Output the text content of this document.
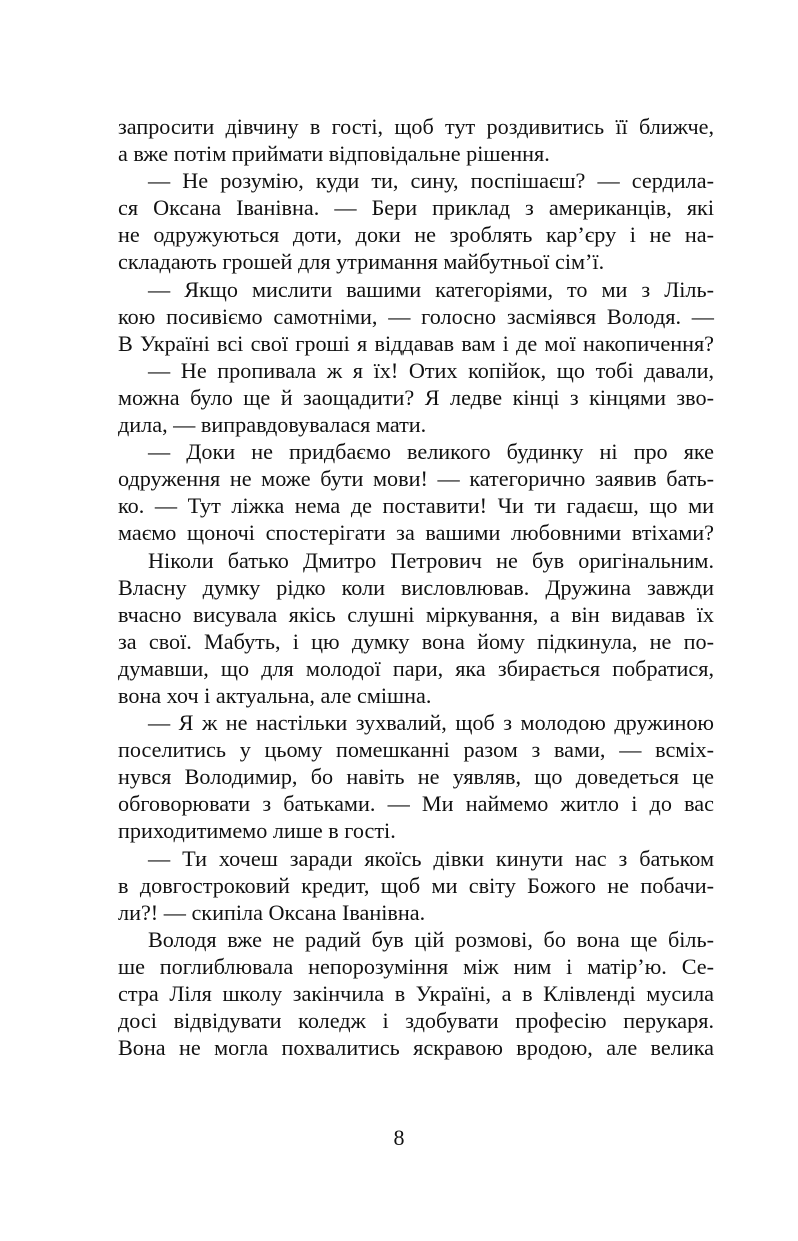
запросити дівчину в гості, щоб тут роздивитись її ближче,
а вже потім приймати відповідальне рішення.
— Не розумію, куди ти, сину, поспішаєш? — сердила-
ся Оксана Іванівна. — Бери приклад з американців, які
не одружуються доти, доки не зроблять кар’єру і не на-
складають грошей для утримання майбутньої сім’ї.
— Якщо мислити вашими категоріями, то ми з Ліль-
кою посивіємо самотніми, — голосно засміявся Володя. —
В Україні всі свої гроші я віддавав вам і де мої накопичення?
— Не пропивала ж я їх! Отих копійок, що тобі давали,
можна було ще й заощадити? Я ледве кінці з кінцями зво-
дила, — виправдовувалася мати.
— Доки не придбаємо великого будинку ні про яке
одруження не може бути мови! — категорично заявив бать-
ко. — Тут ліжка нема де поставити! Чи ти гадаєш, що ми
маємо щоночі спостерігати за вашими любовними втіхами?
Ніколи батько Дмитро Петрович не був оригінальним.
Власну думку рідко коли висловлював. Дружина завжди
вчасно висувала якісь слушні міркування, а він видавав їх
за свої. Мабуть, і цю думку вона йому підкинула, не по-
думавши, що для молодої пари, яка збирається побратися,
вона хоч і актуальна, але смішна.
— Я ж не настільки зухвалий, щоб з молодою дружиною
поселитись у цьому помешканні разом з вами, — всміх-
нувся Володимир, бо навіть не уявляв, що доведеться це
обговорювати з батьками. — Ми наймемо житло і до вас
приходитимемо лише в гості.
— Ти хочеш заради якоїсь дівки кинути нас з батьком
в довгостроковий кредит, щоб ми світу Божого не побачи-
ли?! — скипіла Оксана Іванівна.
Володя вже не радий був цій розмові, бо вона ще біль-
ше поглиблювала непорозуміння між ним і матір’ю. Се-
стра Ліля школу закінчила в Україні, а в Клівленді мусила
досі відвідувати коледж і здобувати професію перукаря.
Вона не могла похвалитись яскравою вродою, але велика
8
